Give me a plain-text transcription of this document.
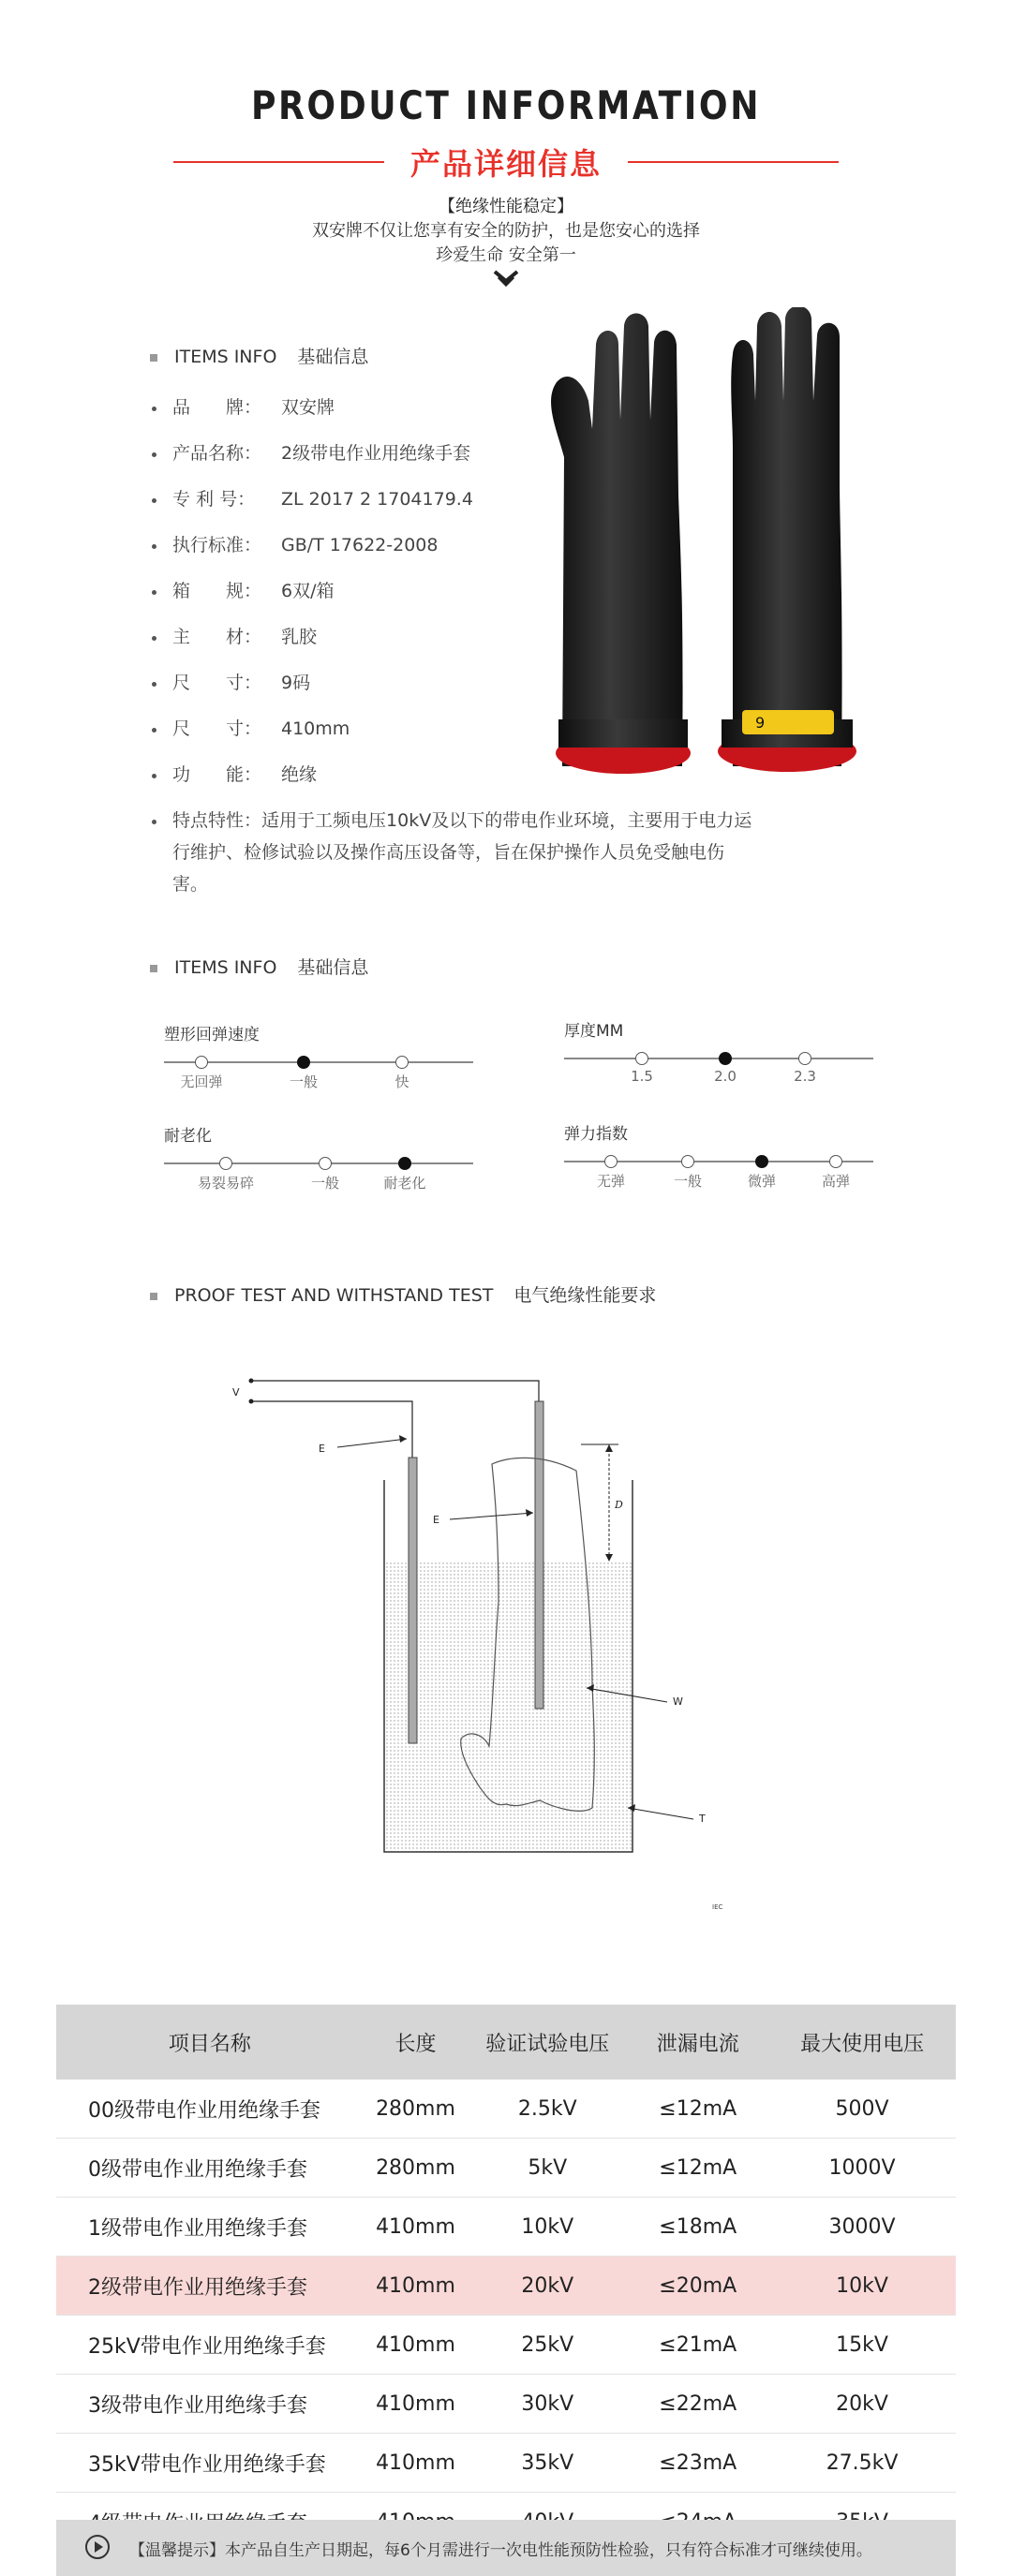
PRODUCT INFORMATION
产品详细信息
【绝缘性能稳定】
双安牌不仅让您享有安全的防护，也是您安心的选择
珍爱生命 安全第一
ITEMS INFO 基础信息
品　　牌：	双安牌
产品名称：	2级带电作业用绝缘手套
专 利 号：	ZL 2017 2 1704179.4
执行标准：	GB/T 17622-2008
箱　　规：	6双/箱
主　　材：	乳胶
尺　　寸：	9码
尺　　寸：	410mm
功　　能：	绝缘
特点特性：适用于工频电压10kV及以下的带电作业环境，主要用于电力运行维护、检修试验以及操作高压设备等，旨在保护操作人员免受触电伤害。
9
ITEMS INFO 基础信息
塑形回弹速度
无回弹	一般	快
厚度MM
1.5	2.0	2.3
耐老化
易裂易碎	一般	耐老化
弹力指数
无弹	一般	微弹	高弹
PROOF TEST AND WITHSTAND TEST 电气绝缘性能要求
V
E
E
D
W
T
IEC
项目名称	长度	验证试验电压	泄漏电流	最大使用电压
00级带电作业用绝缘手套	280mm	2.5kV	≤12mA	500V
0级带电作业用绝缘手套	280mm	5kV	≤12mA	1000V
1级带电作业用绝缘手套	410mm	10kV	≤18mA	3000V
2级带电作业用绝缘手套	410mm	20kV	≤20mA	10kV
25kV带电作业用绝缘手套	410mm	25kV	≤21mA	15kV
3级带电作业用绝缘手套	410mm	30kV	≤22mA	20kV
35kV带电作业用绝缘手套	410mm	35kV	≤23mA	27.5kV

【温馨提示】本产品自生产日期起，每6个月需进行一次电性能预防性检验，只有符合标准才可继续使用。
